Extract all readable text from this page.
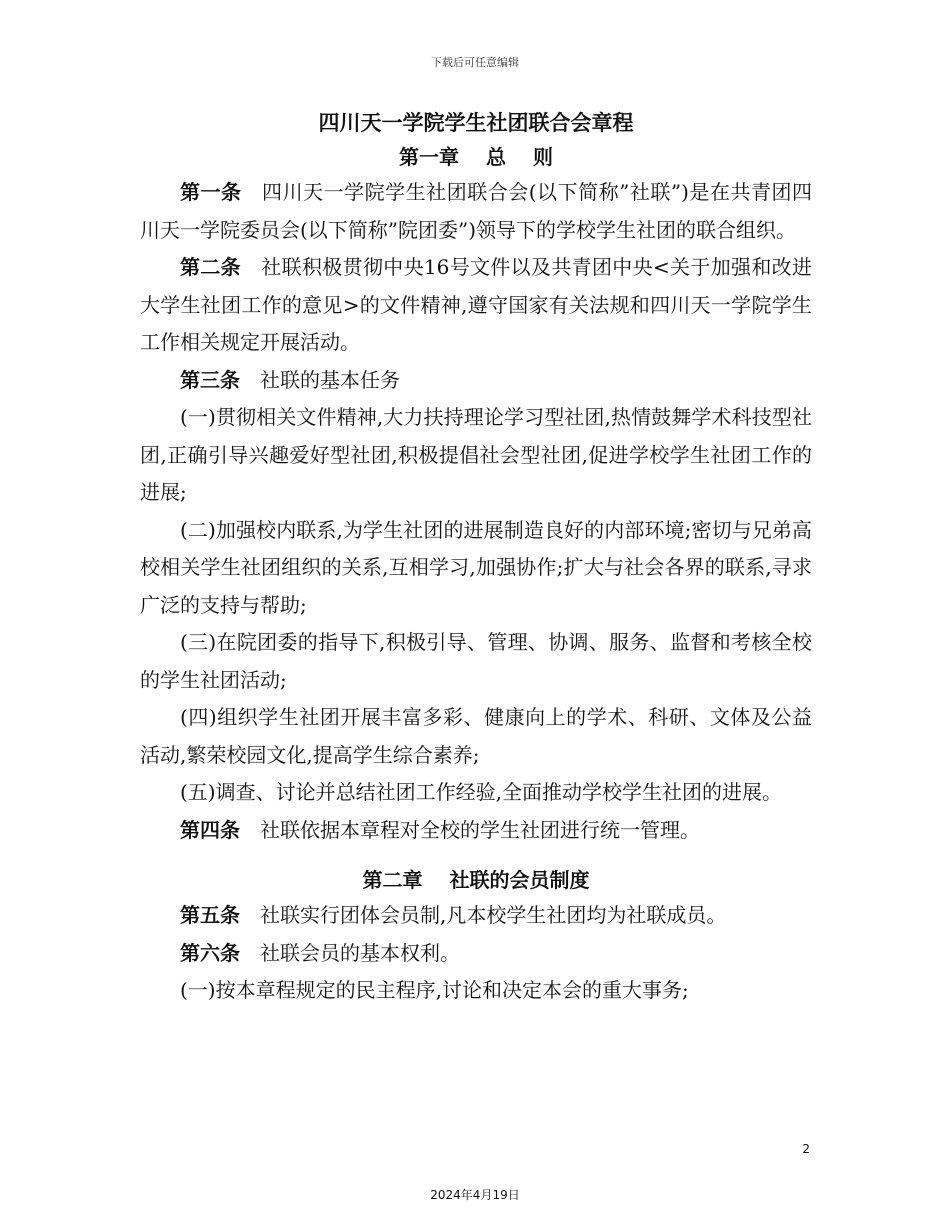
下载后可任意编辑

四川天一学院学生社团联合会章程

第一章　 总　 则

第一条 四川天一学院学生社团联合会(以下简称”社联”)是在共青团四川天一学院委员会(以下简称”院团委”)领导下的学校学生社团的联合组织。

第二条 社联积极贯彻中央16号文件以及共青团中央<关于加强和改进大学生社团工作的意见>的文件精神,遵守国家有关法规和四川天一学院学生工作相关规定开展活动。

第三条 社联的基本任务

(一)贯彻相关文件精神,大力扶持理论学习型社团,热情鼓舞学术科技型社团,正确引导兴趣爱好型社团,积极提倡社会型社团,促进学校学生社团工作的进展;

(二)加强校内联系,为学生社团的进展制造良好的内部环境;密切与兄弟高校相关学生社团组织的关系,互相学习,加强协作;扩大与社会各界的联系,寻求广泛的支持与帮助;

(三)在院团委的指导下,积极引导、管理、协调、服务、监督和考核全校的学生社团活动;

(四)组织学生社团开展丰富多彩、健康向上的学术、科研、文体及公益活动,繁荣校园文化,提高学生综合素养;

(五)调查、讨论并总结社团工作经验,全面推动学校学生社团的进展。

第四条 社联依据本章程对全校的学生社团进行统一管理。

第二章　 社联的会员制度

第五条 社联实行团体会员制,凡本校学生社团均为社联成员。

第六条 社联会员的基本权利。

(一)按本章程规定的民主程序,讨论和决定本会的重大事务;

2
2024年4月19日
